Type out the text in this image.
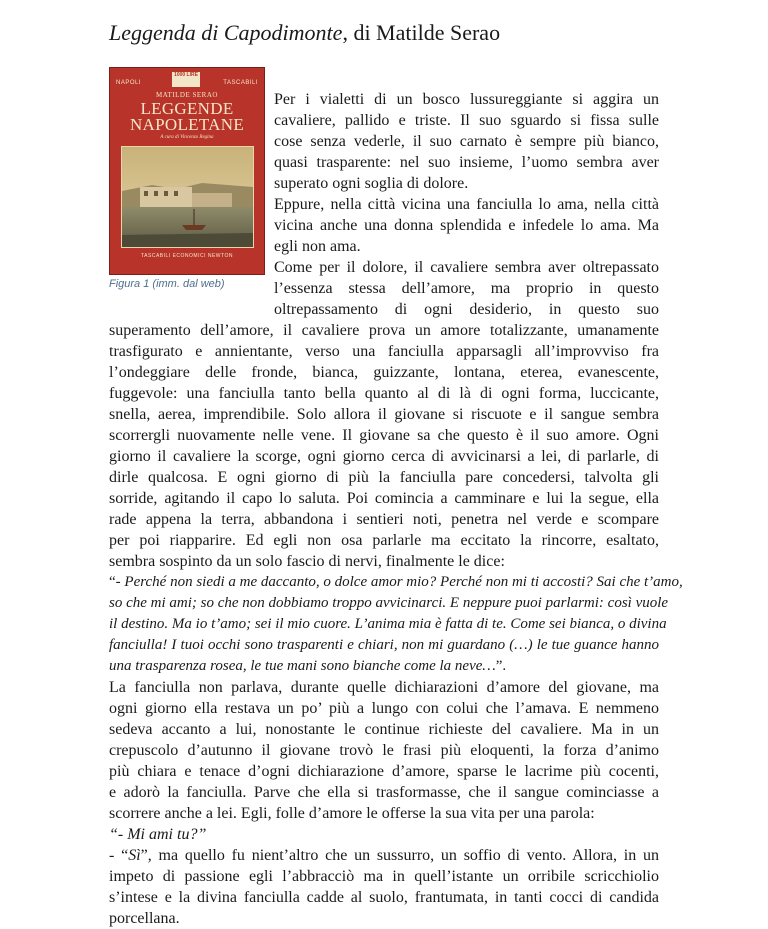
Leggenda di Capodimonte, di Matilde Serao
NAPOLI	TASCABILI
1000 LIRE
MATILDE SERAO
LEGGENDE
NAPOLETANE
A cura di Vincenzo Regina
TASCABILI ECONOMICI NEWTON
Figura 1 (imm. dal web)
Per i vialetti di un bosco lussureggiante si aggira un
cavaliere, pallido e triste. Il suo sguardo si fissa sulle
cose senza vederle, il suo carnato è sempre più bianco,
quasi trasparente: nel suo insieme, l’uomo sembra aver
superato ogni soglia di dolore.
Eppure, nella città vicina una fanciulla lo ama, nella città
vicina anche una donna splendida e infedele lo ama. Ma
egli non ama.
Come per il dolore, il cavaliere sembra aver oltrepassato
l’essenza stessa dell’amore, ma proprio in questo
oltrepassamento di ogni desiderio, in questo suo
superamento dell’amore, il cavaliere prova un amore totalizzante, umanamente
trasfigurato e annientante, verso una fanciulla apparsagli all’improvviso fra
l’ondeggiare delle fronde, bianca, guizzante, lontana, eterea, evanescente,
fuggevole: una fanciulla tanto bella quanto al di là di ogni forma, luccicante,
snella, aerea, imprendibile. Solo allora il giovane si riscuote e il sangue sembra
scorrergli nuovamente nelle vene. Il giovane sa che questo è il suo amore. Ogni
giorno il cavaliere la scorge, ogni giorno cerca di avvicinarsi a lei, di parlarle, di
dirle qualcosa. E ogni giorno di più la fanciulla pare concedersi, talvolta gli
sorride, agitando il capo lo saluta. Poi comincia a camminare e lui la segue, ella
rade appena la terra, abbandona i sentieri noti, penetra nel verde e scompare
per poi riapparire. Ed egli non osa parlarle ma eccitato la rincorre, esaltato,
sembra sospinto da un solo fascio di nervi, finalmente le dice:
“- Perché non siedi a me daccanto, o dolce amor mio? Perché non mi ti accosti? Sai che t’amo,
so che mi ami; so che non dobbiamo troppo avvicinarci. E neppure puoi parlarmi: così vuole
il destino. Ma io t’amo; sei il mio cuore. L’anima mia è fatta di te. Come sei bianca, o divina
fanciulla! I tuoi occhi sono trasparenti e chiari, non mi guardano (…) le tue guance hanno
una trasparenza rosea, le tue mani sono bianche come la neve…”.
La fanciulla non parlava, durante quelle dichiarazioni d’amore del giovane, ma
ogni giorno ella restava un po’ più a lungo con colui che l’amava. E nemmeno
sedeva accanto a lui, nonostante le continue richieste del cavaliere. Ma in un
crepuscolo d’autunno il giovane trovò le frasi più eloquenti, la forza d’animo
più chiara e tenace d’ogni dichiarazione d’amore, sparse le lacrime più cocenti,
e adorò la fanciulla. Parve che ella si trasformasse, che il sangue cominciasse a
scorrere anche a lei. Egli, folle d’amore le offerse la sua vita per una parola:
“- Mi ami tu?”
- “Sì”, ma quello fu nient’altro che un sussurro, un soffio di vento. Allora, in un
impeto di passione egli l’abbracciò ma in quell’istante un orribile scricchiolio
s’intese e la divina fanciulla cadde al suolo, frantumata, in tanti cocci di candida
porcellana.
